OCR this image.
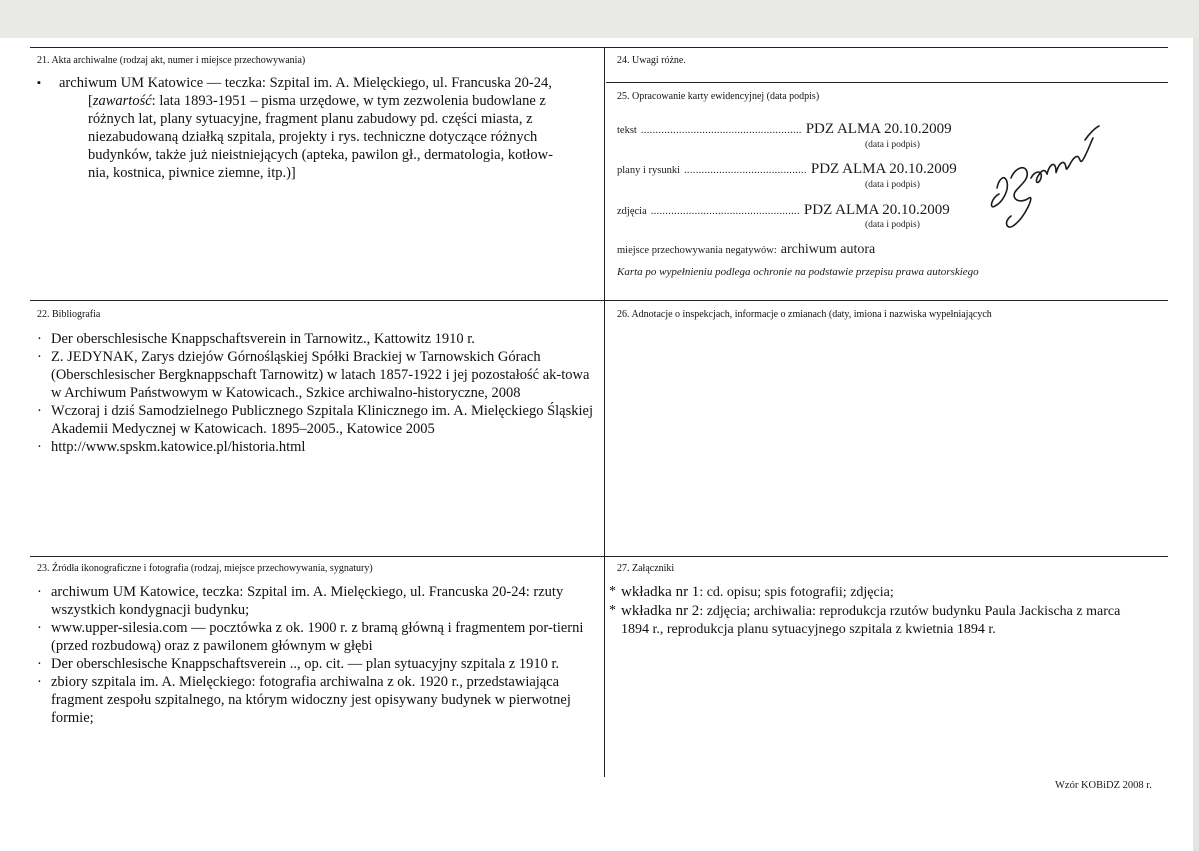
21. Akta archiwalne (rodzaj akt, numer i miejsce przechowywania)
▪ archiwum UM Katowice — teczka: Szpital im. A. Mielęckiego, ul. Francuska 20-24,

[zawartość: lata 1893-1951 – pisma urzędowe, w tym zezwolenia budowlane z

różnych lat, plany sytuacyjne, fragment planu zabudowy pd. części miasta, z

niezabudowaną działką szpitala, projekty i rys. techniczne dotyczące różnych

budynków, także już nieistniejących (apteka, pawilon gł., dermatologia, kotłow-

nia, kostnica, piwnice ziemne, itp.)]

22. Bibliografia
· Der oberschlesische Knappschaftsverein in Tarnowitz., Kattowitz 1910 r.
· Z. JEDYNAK, Zarys dziejów Górnośląskiej Spółki Brackiej w Tarnowskich Górach (Oberschlesischer Bergknappschaft Tarnowitz) w latach 1857-1922 i jej pozostałość ak-towa w Archiwum Państwowym w Katowicach., Szkice archiwalno-historyczne, 2008
· Wczoraj i dziś Samodzielnego Publicznego Szpitala Klinicznego im. A. Mielęckiego Śląskiej Akademii Medycznej w Katowicach. 1895–2005., Katowice 2005
· http://www.spskm.katowice.pl/historia.html
23. Źródła ikonograficzne i fotografia (rodzaj, miejsce przechowywania, sygnatury)
· archiwum UM Katowice, teczka: Szpital im. A. Mielęckiego, ul. Francuska 20-24: rzuty wszystkich kondygnacji budynku;
· www.upper-silesia.com — pocztówka z ok. 1900 r. z bramą główną i fragmentem por-tierni (przed rozbudową) oraz z pawilonem głównym w głębi
· Der oberschlesische Knappschaftsverein .., op. cit. — plan sytuacyjny szpitala z 1910 r.
· zbiory szpitala im. A. Mielęckiego: fotografia archiwalna z ok. 1920 r., przedstawiająca fragment zespołu szpitalnego, na którym widoczny jest opisywany budynek w pierwotnej formie;
24. Uwagi różne.
25. Opracowanie karty ewidencyjnej (data podpis)
tekst ....................................................... PDZ ALMA 20.10.2009
(data i podpis)
plany i rysunki .......................................... PDZ ALMA 20.10.2009
(data i podpis)
zdjęcia ................................................... PDZ ALMA 20.10.2009
(data i podpis)
miejsce przechowywania negatywów: archiwum autora
Karta po wypełnieniu podlega ochronie na podstawie przepisu prawa autorskiego
26. Adnotacje o inspekcjach, informacje o zmianach (daty, imiona i nazwiska wypełniających
27. Załączniki
* wkładka nr 1: cd. opisu; spis fotografii; zdjęcia;
* wkładka nr 2: zdjęcia; archiwalia: reprodukcja rzutów budynku Paula Jackischa z marca 1894 r., reprodukcja planu sytuacyjnego szpitala z kwietnia 1894 r.
Wzór KOBiDZ 2008 r.
